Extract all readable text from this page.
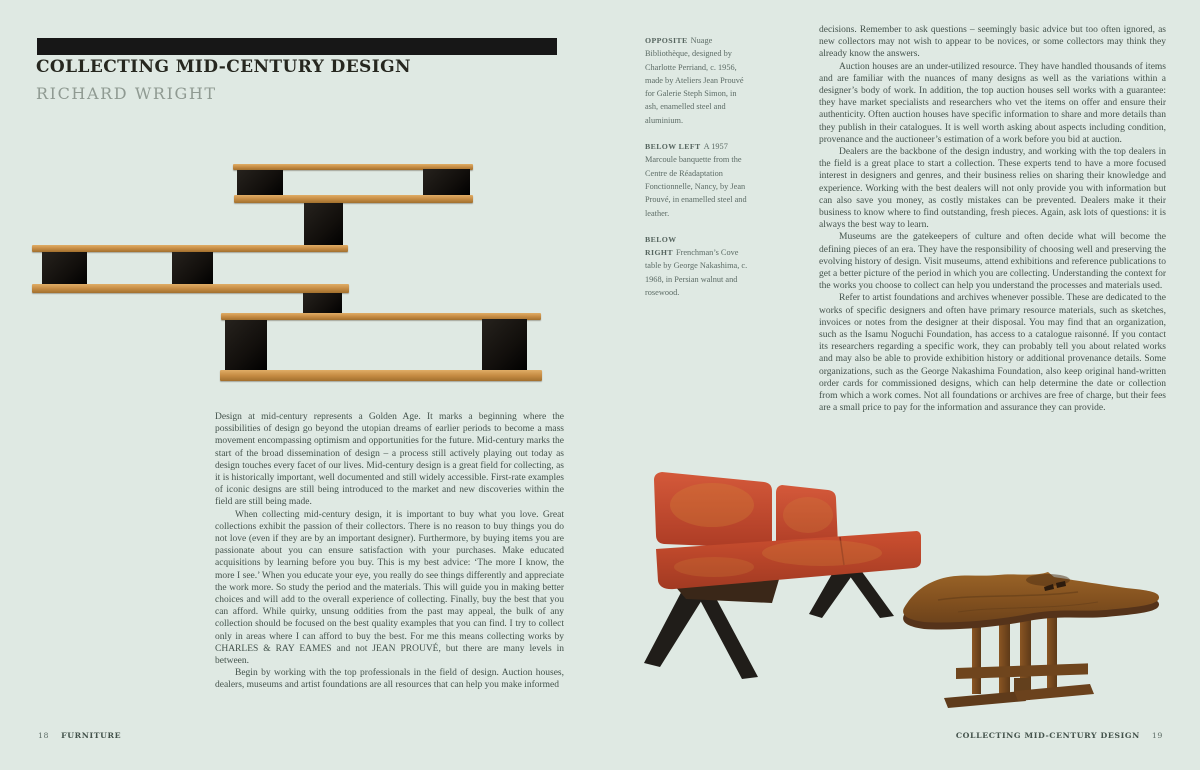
COLLECTING MID-CENTURY DESIGN
RICHARD WRIGHT

Design at mid-century represents a Golden Age. It marks a beginning where the possibilities of design go beyond the utopian dreams of earlier periods to become a mass movement encompassing optimism and opportunities for the future. Mid-century marks the start of the broad dissemination of design – a process still actively playing out today as design touches every facet of our lives. Mid-century design is a great field for collecting, as it is historically important, well documented and still widely accessible. First-rate examples of iconic designs are still being introduced to the market and new discoveries within the field are still being made.

When collecting mid-century design, it is important to buy what you love. Great collections exhibit the passion of their collectors. There is no reason to buy things you do not love (even if they are by an important designer). Furthermore, by buying items you are passionate about you can ensure satisfaction with your purchases. Make educated acquisitions by learning before you buy. This is my best advice: ‘The more I know, the more I see.’ When you educate your eye, you really do see things differently and appreciate the work more. So study the period and the materials. This will guide you in making better choices and will add to the overall experience of collecting. Finally, buy the best that you can afford. While quirky, unsung oddities from the past may appeal, the bulk of any collection should be focused on the best quality examples that you can find. I try to collect only in areas where I can afford to buy the best. For me this means collecting works by CHARLES & RAY EAMES and not JEAN PROUVÉ, but there are many levels in between.

Begin by working with the top professionals in the field of design. Auction houses, dealers, museums and artist foundations are all resources that can help you make informed

OPPOSITE Nuage Bibliothèque, designed by Charlotte Perriand, c. 1956, made by Ateliers Jean Prouvé for Galerie Steph Simon, in ash, enamelled steel and aluminium.

BELOW LEFT A 1957 Marcoule banquette from the Centre de Réadaptation Fonctionnelle, Nancy, by Jean Prouvé, in enamelled steel and leather.

BELOW RIGHT Frenchman’s Cove table by George Nakashima, c. 1968, in Persian walnut and rosewood.

decisions. Remember to ask questions – seemingly basic advice but too often ignored, as new collectors may not wish to appear to be novices, or some collectors may think they already know the answers.

Auction houses are an under-utilized resource. They have handled thousands of items and are familiar with the nuances of many designs as well as the variations within a designer’s body of work. In addition, the top auction houses sell works with a guarantee: they have market specialists and researchers who vet the items on offer and ensure their authenticity. Often auction houses have specific information to share and more details than they publish in their catalogues. It is well worth asking about aspects including condition, provenance and the auctioneer’s estimation of a work before you bid at auction.

Dealers are the backbone of the design industry, and working with the top dealers in the field is a great place to start a collection. These experts tend to have a more focused interest in designers and genres, and their business relies on sharing their knowledge and experience. Working with the best dealers will not only provide you with information but can also save you money, as costly mistakes can be prevented. Dealers make it their business to know where to find outstanding, fresh pieces. Again, ask lots of questions: it is always the best way to learn.

Museums are the gatekeepers of culture and often decide what will become the defining pieces of an era. They have the responsibility of choosing well and preserving the evolving history of design. Visit museums, attend exhibitions and reference publications to get a better picture of the period in which you are collecting. Understanding the context for the works you choose to collect can help you understand the processes and materials used.

Refer to artist foundations and archives whenever possible. These are dedicated to the works of specific designers and often have primary resource materials, such as sketches, invoices or notes from the designer at their disposal. You may find that an organization, such as the Isamu Noguchi Foundation, has access to a catalogue raisonné. If you contact its researchers regarding a specific work, they can probably tell you about related works and may also be able to provide exhibition history or additional provenance details. Some organizations, such as the George Nakashima Foundation, also keep original hand-written order cards for commissioned designs, which can help determine the date or collection from which a work comes. Not all foundations or archives are free of charge, but their fees are a small price to pay for the information and assurance they can provide.

18 FURNITURE	COLLECTING MID-CENTURY DESIGN 19
